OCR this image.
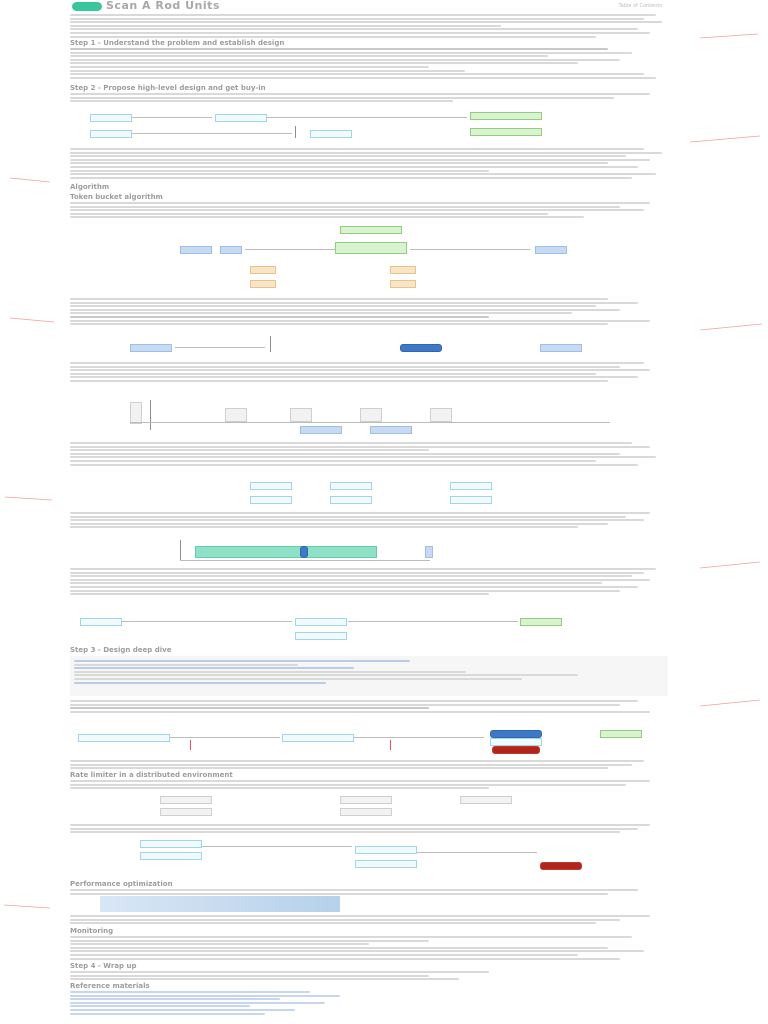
Scan A Rod Units	Table of Contents
Step 1 - Understand the problem and establish design
Step 2 - Propose high-level design and get buy-in
Algorithm
Token bucket algorithm
Step 3 - Design deep dive
Rate limiter in a distributed environment
Performance optimization
Monitoring
Step 4 - Wrap up
Reference materials
